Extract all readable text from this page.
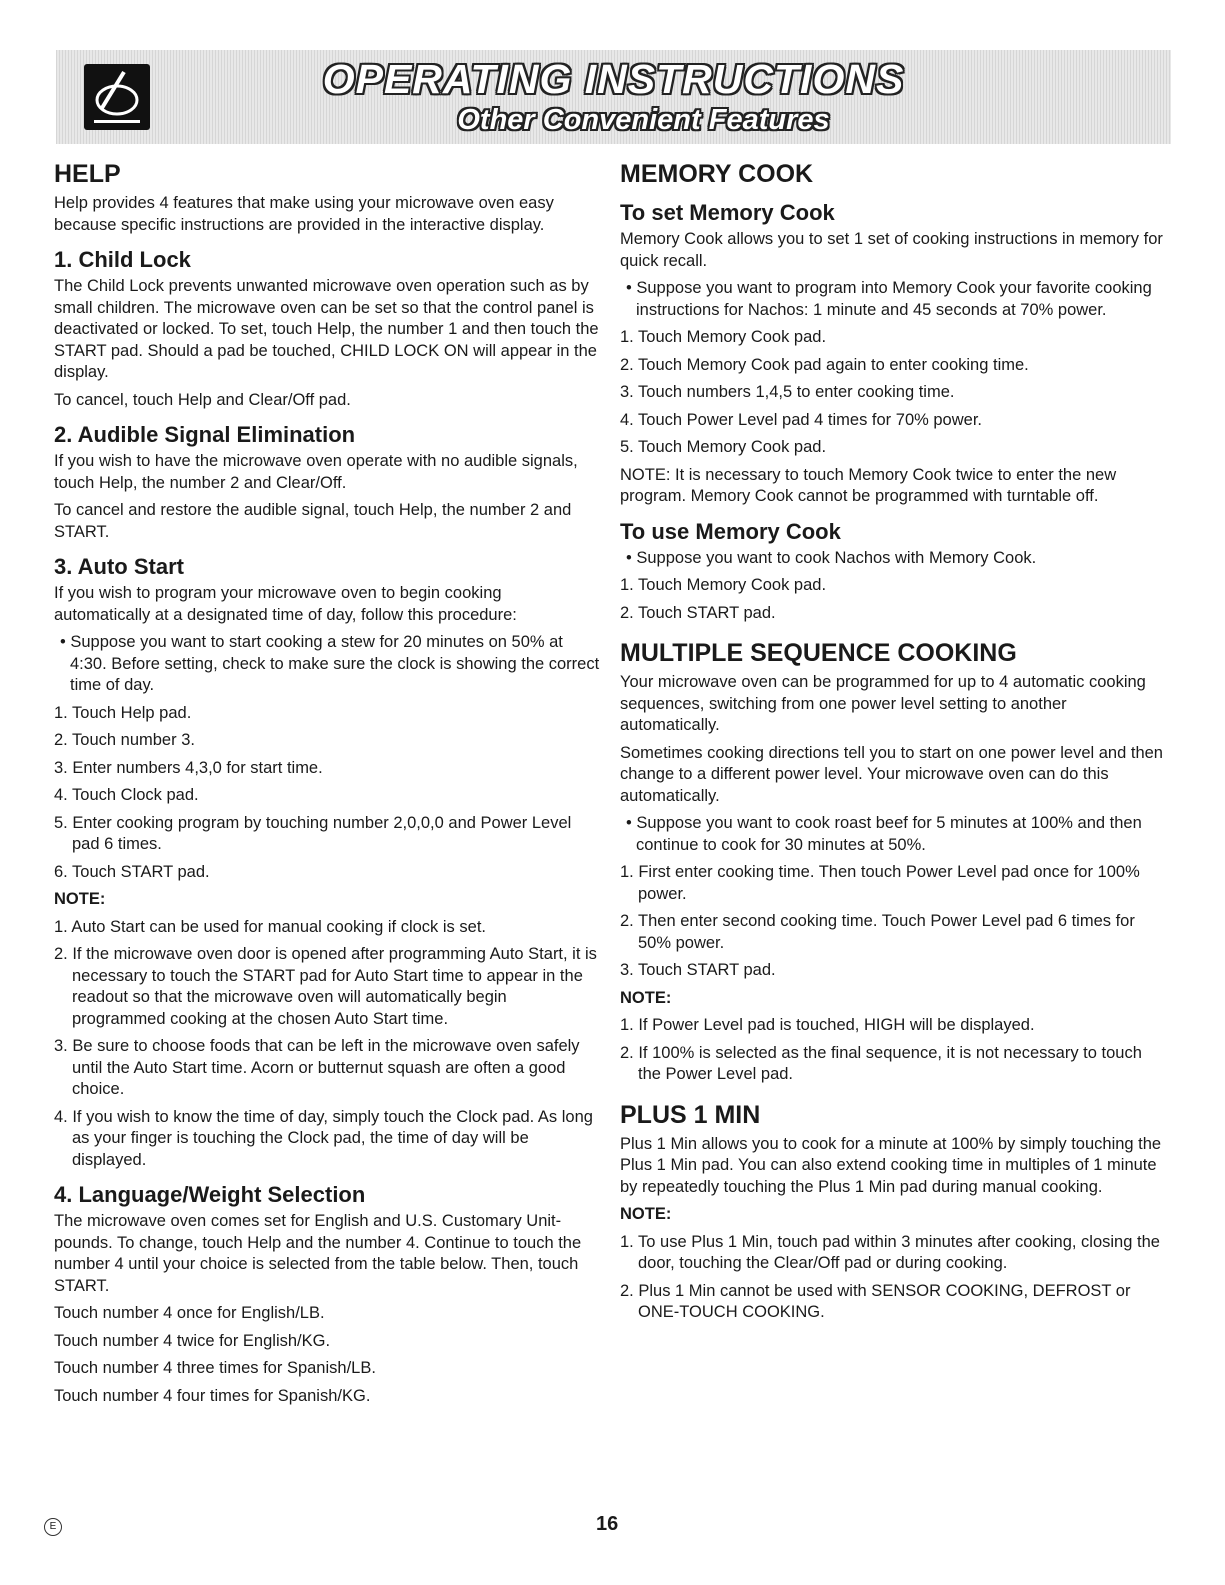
OPERATING INSTRUCTIONS
Other Convenient Features
HELP

Help provides 4 features that make using your microwave oven easy because specific instructions are provided in the interactive display.

1. Child Lock

The Child Lock prevents unwanted microwave oven operation such as by small children. The microwave oven can be set so that the control panel is deactivated or locked. To set, touch Help, the number 1 and then touch the START pad. Should a pad be touched, CHILD LOCK ON will appear in the display.

To cancel, touch Help and Clear/Off pad.

2. Audible Signal Elimination

If you wish to have the microwave oven operate with no audible signals, touch Help, the number 2 and Clear/Off.

To cancel and restore the audible signal, touch Help, the number 2 and START.

3. Auto Start

If you wish to program your microwave oven to begin cooking automatically at a designated time of day, follow this procedure:

• Suppose you want to start cooking a stew for 20 minutes on 50% at 4:30. Before setting, check to make sure the clock is showing the correct time of day.

1. Touch Help pad.

2. Touch number 3.

3. Enter numbers 4,3,0 for start time.

4. Touch Clock pad.

5. Enter cooking program by touching number 2,0,0,0 and Power Level pad 6 times.

6. Touch START pad.

NOTE:

1. Auto Start can be used for manual cooking if clock is set.

2. If the microwave oven door is opened after programming Auto Start, it is necessary to touch the START pad for Auto Start time to appear in the readout so that the microwave oven will automatically begin programmed cooking at the chosen Auto Start time.

3. Be sure to choose foods that can be left in the microwave oven safely until the Auto Start time. Acorn or butternut squash are often a good choice.

4. If you wish to know the time of day, simply touch the Clock pad. As long as your finger is touching the Clock pad, the time of day will be displayed.

4. Language/Weight Selection

The microwave oven comes set for English and U.S. Customary Unit-pounds. To change, touch Help and the number 4. Continue to touch the number 4 until your choice is selected from the table below. Then, touch START.

Touch number 4 once for English/LB.

Touch number 4 twice for English/KG.

Touch number 4 three times for Spanish/LB.

Touch number 4 four times for Spanish/KG.

MEMORY COOK
To set Memory Cook

Memory Cook allows you to set 1 set of cooking instructions in memory for quick recall.

• Suppose you want to program into Memory Cook your favorite cooking instructions for Nachos: 1 minute and 45 seconds at 70% power.

1. Touch Memory Cook pad.

2. Touch Memory Cook pad again to enter cooking time.

3. Touch numbers 1,4,5 to enter cooking time.

4. Touch Power Level pad 4 times for 70% power.

5. Touch Memory Cook pad.

NOTE: It is necessary to touch Memory Cook twice to enter the new program. Memory Cook cannot be programmed with turntable off.

To use Memory Cook

• Suppose you want to cook Nachos with Memory Cook.

1. Touch Memory Cook pad.

2. Touch START pad.

MULTIPLE SEQUENCE COOKING

Your microwave oven can be programmed for up to 4 automatic cooking sequences, switching from one power level setting to another automatically.

Sometimes cooking directions tell you to start on one power level and then change to a different power level. Your microwave oven can do this automatically.

• Suppose you want to cook roast beef for 5 minutes at 100% and then continue to cook for 30 minutes at 50%.

1. First enter cooking time. Then touch Power Level pad once for 100% power.

2. Then enter second cooking time. Touch Power Level pad 6 times for 50% power.

3. Touch START pad.

NOTE:

1. If Power Level pad is touched, HIGH will be displayed.

2. If 100% is selected as the final sequence, it is not necessary to touch the Power Level pad.

PLUS 1 MIN

Plus 1 Min allows you to cook for a minute at 100% by simply touching the Plus 1 Min pad. You can also extend cooking time in multiples of 1 minute by repeatedly touching the Plus 1 Min pad during manual cooking.

NOTE:

1. To use Plus 1 Min, touch pad within 3 minutes after cooking, closing the door, touching the Clear/Off pad or during cooking.

2. Plus 1 Min cannot be used with SENSOR COOKING, DEFROST or ONE-TOUCH COOKING.

E	16
